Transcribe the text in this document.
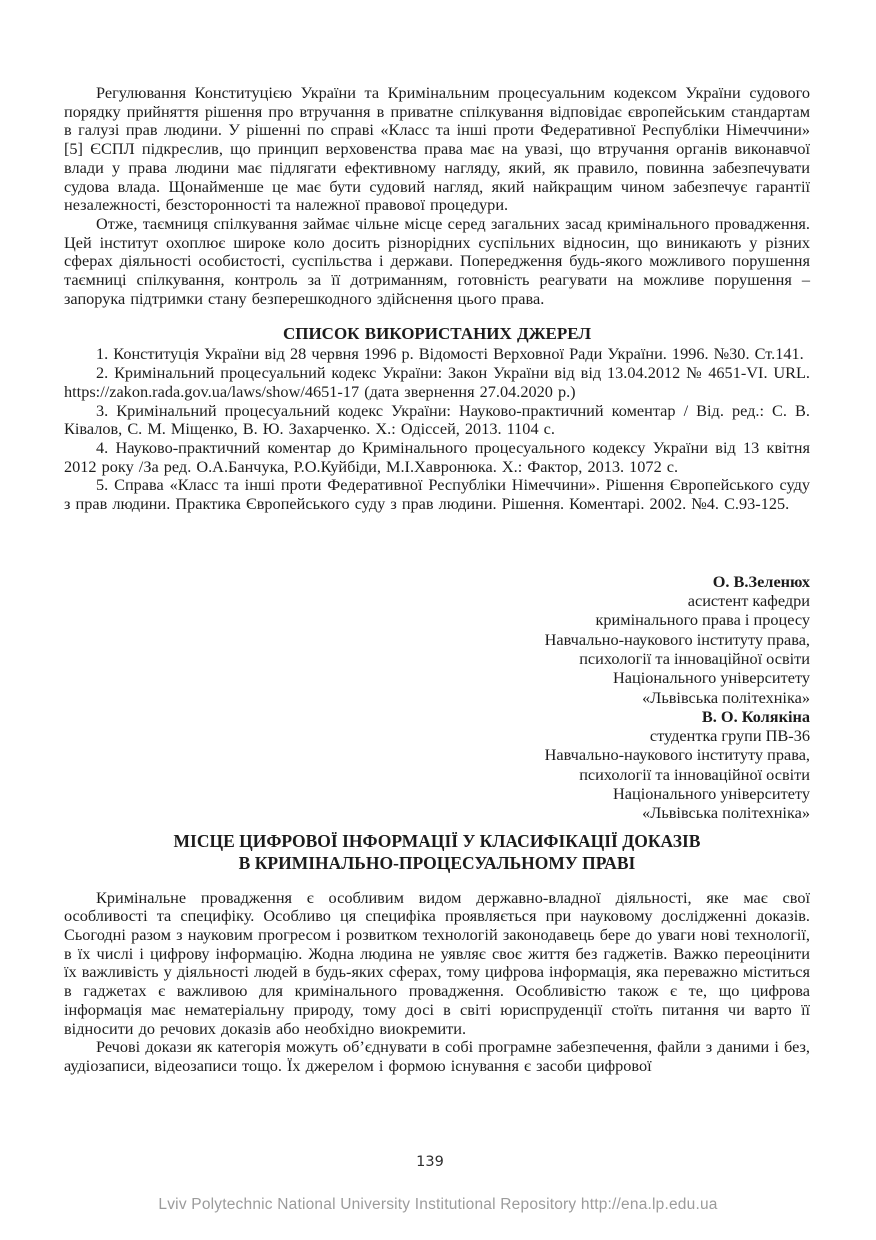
Регулювання Конституцією України та Кримінальним процесуальним кодексом України судового порядку прийняття рішення про втручання в приватне спілкування відповідає європейським стандартам в галузі прав людини. У рішенні по справі «Класс та інші проти Федеративної Республіки Німеччини» [5] ЄСПЛ підкреслив, що принцип верховенства права має на увазі, що втручання органів виконавчої влади у права людини має підлягати ефективному нагляду, який, як правило, повинна забезпечувати судова влада. Щонайменше це має бути судовий нагляд, який найкращим чином забезпечує гарантії незалежності, безсторонності та належної правової процедури.

Отже, таємниця спілкування займає чільне місце серед загальних засад кримінального провадження. Цей інститут охоплює широке коло досить різнорідних суспільних відносин, що виникають у різних сферах діяльності особистості, суспільства і держави. Попередження будь-якого можливого порушення таємниці спілкування, контроль за її дотриманням, готовність реагувати на можливе порушення – запорука підтримки стану безперешкодного здійснення цього права.

СПИСОК ВИКОРИСТАНИХ ДЖЕРЕЛ

1. Конституція України від 28 червня 1996 р. Відомості Верховної Ради України. 1996. №30. Ст.141.

2. Кримінальний процесуальний кодекс України: Закон України від від 13.04.2012 № 4651-VI. URL. https://zakon.rada.gov.ua/laws/show/4651-17 (дата звернення 27.04.2020 р.)

3. Кримінальний процесуальний кодекс України: Науково-практичний коментар / Від. ред.: С. В. Ківалов, С. М. Міщенко, В. Ю. Захарченко. Х.: Одіссей, 2013. 1104 с.

4. Науково-практичний коментар до Кримінального процесуального кодексу України від 13 квітня 2012 року /За ред. О.А.Банчука, Р.О.Куйбіди, М.І.Хавронюка. Х.: Фактор, 2013. 1072 с.

5. Справа «Класс та інші проти Федеративної Республіки Німеччини». Рішення Європейського суду з прав людини. Практика Європейського суду з прав людини. Рішення. Коментарі. 2002. №4. С.93-125.

О. В.Зеленюх
асистент кафедри
кримінального права і процесу
Навчально-наукового інституту права,
психології та інноваційної освіти
Національного університету
«Львівська політехніка»
В. О. Колякіна
студентка групи ПВ-36
Навчально-наукового інституту права,
психології та інноваційної освіти
Національного університету
«Львівська політехніка»
МІСЦЕ ЦИФРОВОЇ ІНФОРМАЦІЇ У КЛАСИФІКАЦІЇ ДОКАЗІВ
В КРИМІНАЛЬНО-ПРОЦЕСУАЛЬНОМУ ПРАВІ

Кримінальне провадження є особливим видом державно-владної діяльності, яке має свої особливості та специфіку. Особливо ця специфіка проявляється при науковому дослідженні доказів. Сьогодні разом з науковим прогресом і розвитком технологій законодавець бере до уваги нові технології, в їх числі і цифрову інформацію. Жодна людина не уявляє своє життя без гаджетів. Важко переоцінити їх важливість у діяльності людей в будь-яких сферах, тому цифрова інформація, яка переважно міститься в гаджетах є важливою для кримінального провадження. Особливістю також є те, що цифрова інформація має нематеріальну природу, тому досі в світі юриспруденції стоїть питання чи варто її відносити до речових доказів або необхідно виокремити.

Речові докази як категорія можуть об’єднувати в собі програмне забезпечення, файли з даними і без, аудіозаписи, відеозаписи тощо. Їх джерелом і формою існування є засоби цифрової

139
Lviv Polytechnic National University Institutional Repository http://ena.lp.edu.ua
